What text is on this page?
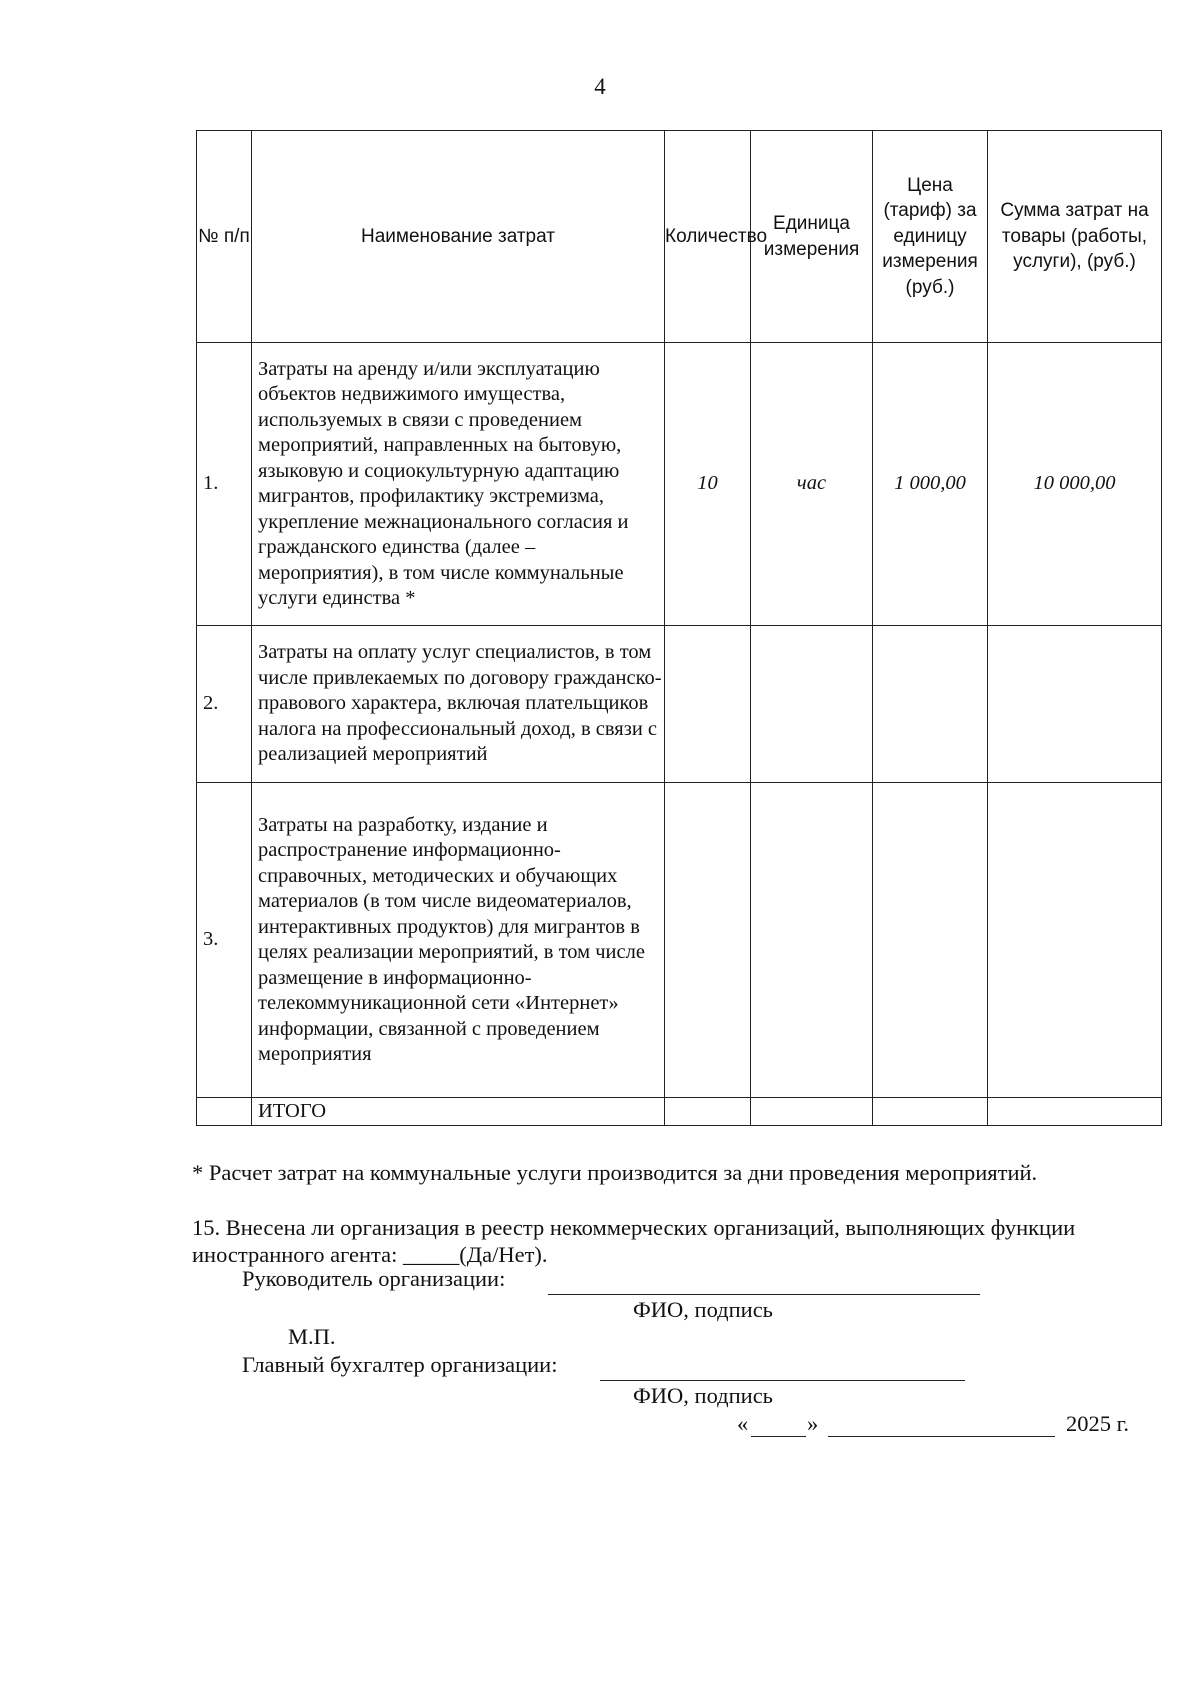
4
№ п/п	Наименование затрат	Количество	Единица измерения	Цена (тариф) за единицу измерения (руб.)	Сумма затрат на товары (работы, услуги), (руб.)
1.	Затраты на аренду и/или эксплуатацию объектов недвижимого имущества, используемых в связи с проведением мероприятий, направленных на бытовую, языковую и социокультурную адаптацию мигрантов, профилактику экстремизма, укрепление межнационального согласия и гражданского единства (далее – мероприятия), в том числе коммунальные услуги единства *	10	час	1 000,00	10 000,00
2.	Затраты на оплату услуг специалистов, в том числе привлекаемых по договору гражданско-правового характера, включая плательщиков налога на профессиональный доход, в связи с реализацией мероприятий				
3.	Затраты на разработку, издание и распространение информационно-справочных, методических и обучающих материалов (в том числе видеоматериалов, интерактивных продуктов) для мигрантов в целях реализации мероприятий, в том числе размещение в информационно-телекоммуникационной сети «Интернет» информации, связанной с проведением мероприятия				
	ИТОГО				
* Расчет затрат на коммунальные услуги производится за дни проведения мероприятий.
15. Внесена ли организация в реестр некоммерческих организаций, выполняющих функции иностранного агента: _____(Да/Нет).
Руководитель организации:
ФИО, подпись
М.П.
Главный бухгалтер организации:
ФИО, подпись
«	»	2025 г.
